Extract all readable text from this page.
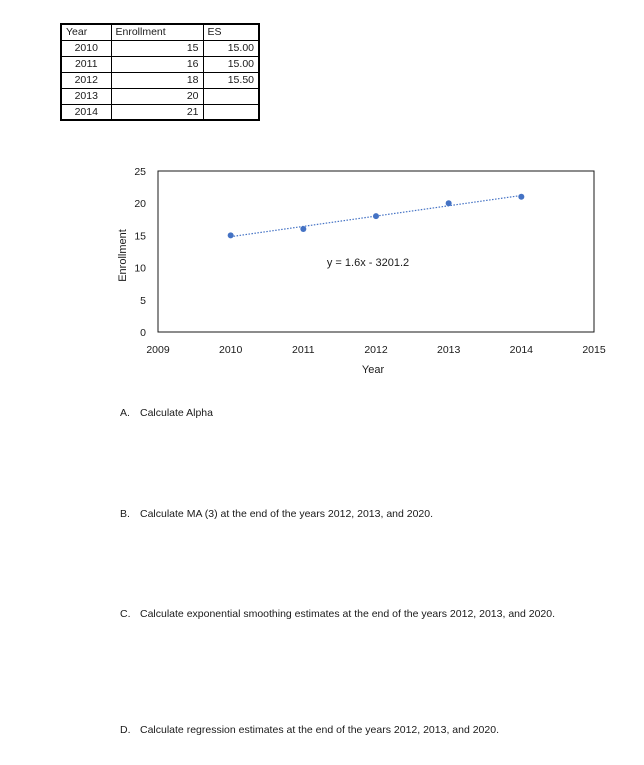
Year	Enrollment	ES
2010	15	15.00
2011	16	15.00
2012	18	15.50
2013	20	
2014	21	
0
5
10
15
20
25
2009	2010	2011	2012	2013	2014	2015
Year
Enrollment	y = 1.6x - 3201.2

A. Calculate Alpha

B. Calculate MA (3) at the end of the years 2012, 2013, and 2020.

C. Calculate exponential smoothing estimates at the end of the years 2012, 2013, and 2020.

D. Calculate regression estimates at the end of the years 2012, 2013, and 2020.
